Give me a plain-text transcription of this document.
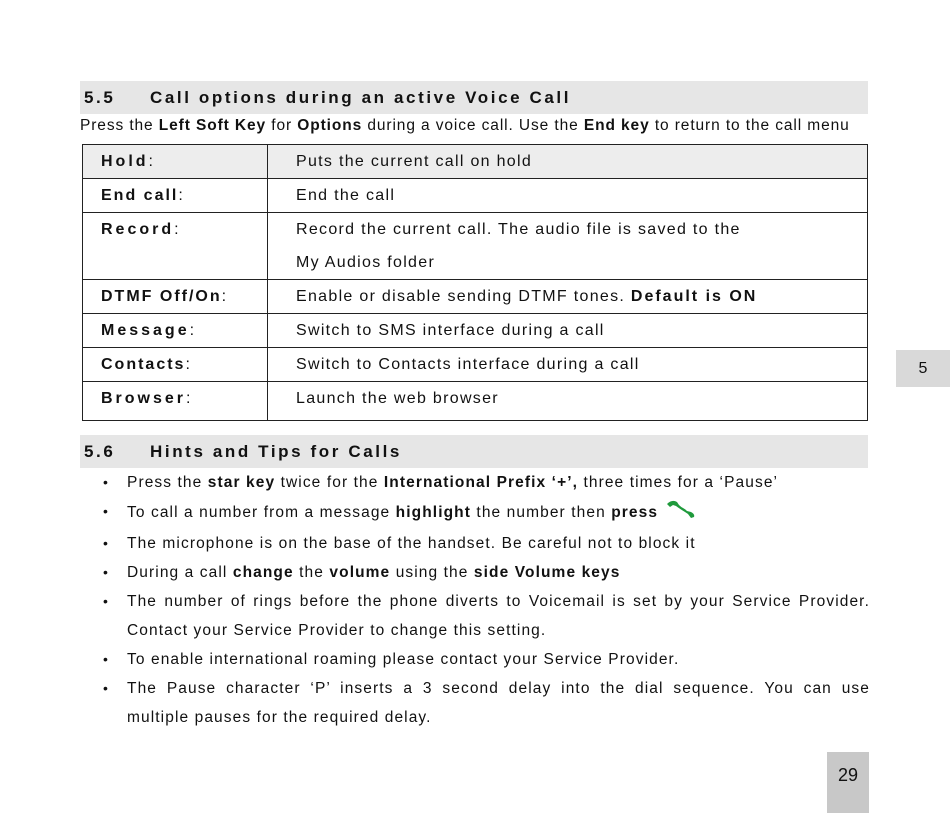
5.5 Call options during an active Voice Call
Press the Left Soft Key for Options during a voice call. Use the End key to return to the call menu
Hold:	Puts the current call on hold

End call:	End the call

Record:	Record the current call. The audio file is saved to the
My Audios folder

DTMF Off/On:	Enable or disable sending DTMF tones. Default is ON

Message:	Switch to SMS interface during a call

Contacts:	Switch to Contacts interface during a call

Browser:	Launch the web browser
5.6 Hints and Tips for Calls
• Press the star key twice for the International Prefix ‘+’, three times for a ‘Pause’
• To call a number from a message highlight the number then press
• The microphone is on the base of the handset. Be careful not to block it
• During a call change the volume using the side Volume keys
• The number of rings before the phone diverts to Voicemail is set by your Service Provider. Contact your Service Provider to change this setting.
• To enable international roaming please contact your Service Provider.
• The Pause character ‘P’ inserts a 3 second delay into the dial sequence. You can use multiple pauses for the required delay.
5
29
